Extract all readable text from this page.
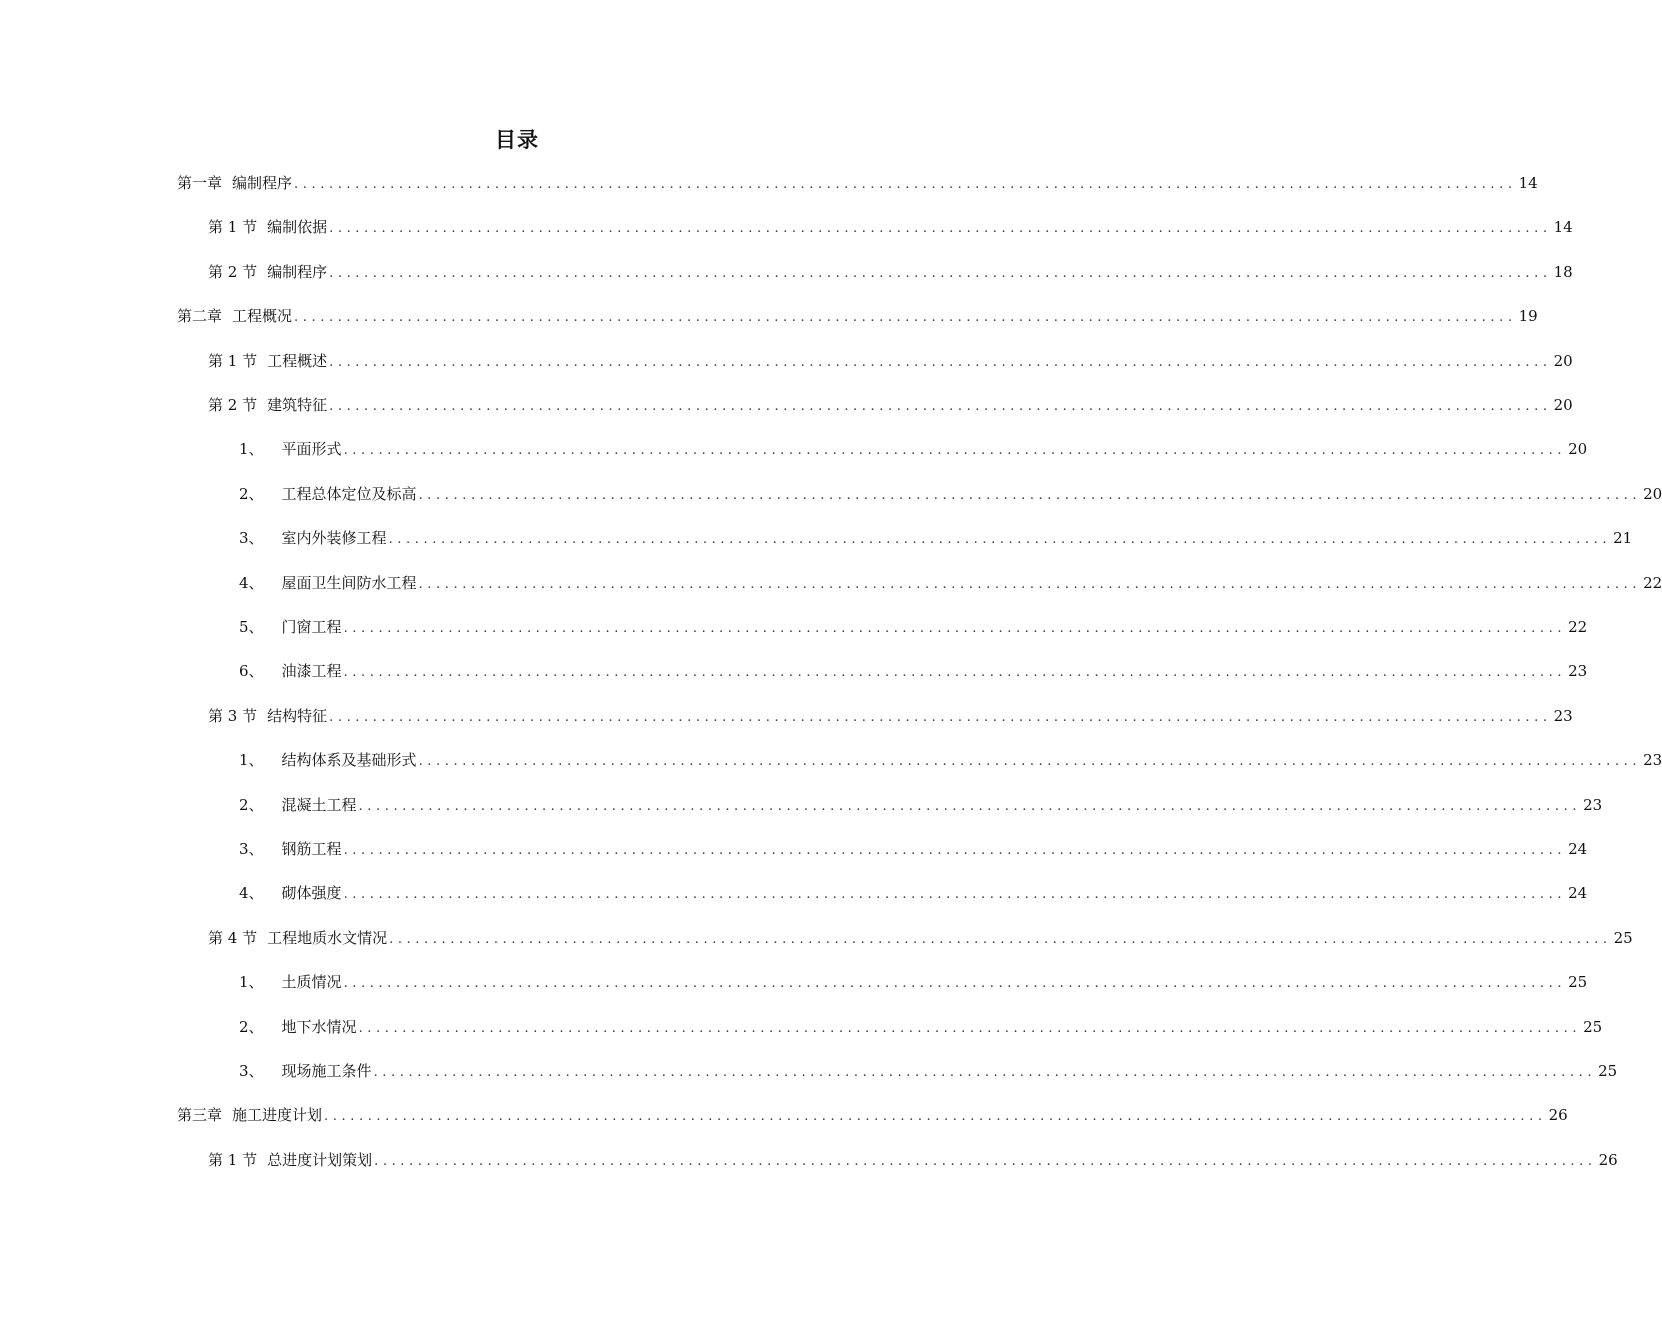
目录
第一章 编制程序 ............................................................................................................................................ 14
第 1 节 编制依据 ............................................................................................................................................ 14
第 2 节 编制程序 ............................................................................................................................................ 18
第二章 工程概况 ............................................................................................................................................ 19
第 1 节 工程概述 ............................................................................................................................................ 20
第 2 节 建筑特征 ............................................................................................................................................ 20
1、 平面形式 ............................................................................................................................................ 20
2、 工程总体定位及标高 ............................................................................................................................................ 20
3、 室内外装修工程 ............................................................................................................................................ 21
4、 屋面卫生间防水工程 ............................................................................................................................................ 22
5、 门窗工程 ............................................................................................................................................ 22
6、 油漆工程 ............................................................................................................................................ 23
第 3 节 结构特征 ............................................................................................................................................ 23
1、 结构体系及基础形式 ............................................................................................................................................ 23
2、 混凝土工程 ............................................................................................................................................ 23
3、 钢筋工程 ............................................................................................................................................ 24
4、 砌体强度 ............................................................................................................................................ 24
第 4 节 工程地质水文情况 ............................................................................................................................................ 25
1、 土质情况 ............................................................................................................................................ 25
2、 地下水情况 ............................................................................................................................................ 25
3、 现场施工条件 ............................................................................................................................................ 25
第三章 施工进度计划 ............................................................................................................................................ 26
第 1 节 总进度计划策划 ............................................................................................................................................ 26
